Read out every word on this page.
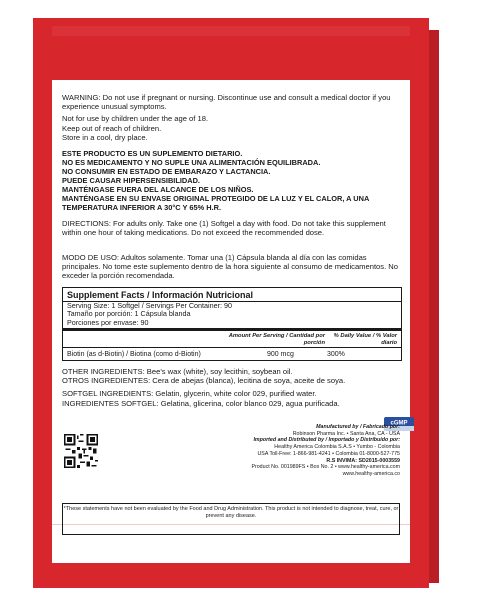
WARNING: Do not use if pregnant or nursing. Discontinue use and consult a medical doctor if you experience unusual symptoms.

Not for use by children under the age of 18.

Keep out of reach of children.

Store in a cool, dry place.

ESTE PRODUCTO ES UN SUPLEMENTO DIETARIO.

NO ES MEDICAMENTO Y NO SUPLE UNA ALIMENTACIÓN EQUILIBRADA.

NO CONSUMIR EN ESTADO DE EMBARAZO Y LACTANCIA.

PUEDE CAUSAR HIPERSENSIBILIDAD.

MANTÉNGASE FUERA DEL ALCANCE DE LOS NIÑOS.

MANTÉNGASE EN SU ENVASE ORIGINAL PROTEGIDO DE LA LUZ Y EL CALOR, A UNA TEMPERATURA INFERIOR A 30°C Y 65% H.R.

DIRECTIONS: For adults only. Take one (1) Softgel a day with food. Do not take this supplement within one hour of taking medications. Do not exceed the recommended dose.
MODO DE USO: Adultos solamente. Tomar una (1) Cápsula blanda al día con las comidas principales. No tome este suplemento dentro de la hora siguiente al consumo de medicamentos. No exceder la porción recomendada.
Supplement Facts / Información Nutricional
Serving Size: 1 Softgel / Servings Per Container: 90
Tamaño por porción: 1 Cápsula blanda
Porciones por envase: 90
Amount Per Serving / Cantidad por porción
% Daily Value / % Valor diario
Biotin (as d-Biotin) / Biotina (como d-Biotin)	900 mcg	300%

OTHER INGREDIENTS: Bee's wax (white), soy lecithin, soybean oil.

OTROS INGREDIENTES: Cera de abejas (blanca), lecitina de soya, aceite de soya.

SOFTGEL INGREDIENTS: Gelatin, glycerin, white color 029, purified water.

INGREDIENTES SOFTGEL: Gelatina, glicerina, color blanco 029, agua purificada.

cGMP

Manufactured by / Fabricado por:

Robinson Pharma Inc. • Santa Ana, CA - USA

Imported and Distributed by / Importado y Distribuido por:

Healthy America Colombia S.A.S • Yumbo - Colombia

USA Toll-Free: 1-866-981-4241 • Colombia 01-8000-527-775

R.S INVIMA: SD2015-0003559

Product No. 001989FS • Box No. 2 • www.healthy-america.com

www.healthy-america.co

*These statements have not been evaluated by the Food and Drug Administration. This product is not intended to diagnose, treat, cure, or prevent any disease.
